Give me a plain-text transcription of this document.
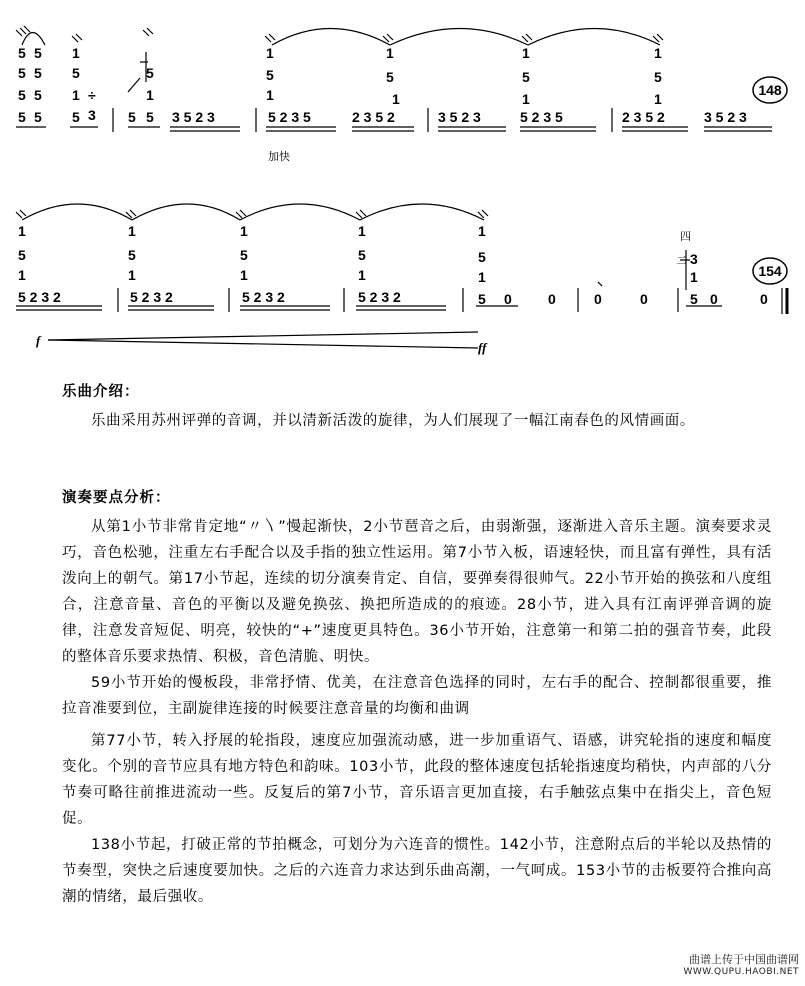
148
154
5
5
5
5
5
5
5
5
1
5
1
5
÷
3
5
1
5
5	3 5 2 3
1
5
1
5 2 3 5	2 3 5 2
1
5
1
3 5 2 3
1
5
1
5 2 3 5	2 3 5 2
1
5
1
3 5 2 3
加快
1
5
1
5 2 3 2
1
5
1
5 2 3 2
1
5
1
5 2 3 2
1
5
1
5 2 3 2
1
5
1
5 0	0	0	0
3
1
5 0	0
四
二
f	ff
乐曲介绍：

乐曲采用苏州评弹的音调，并以清新活泼的旋律，为人们展现了一幅江南春色的风情画面。

演奏要点分析：

从第1小节非常肯定地“〃〵”慢起渐快，2小节琶音之后，由弱渐强，逐渐进入音乐主题。演奏要求灵巧，音色松驰，注重左右手配合以及手指的独立性运用。第7小节入板，语速轻快，而且富有弹性，具有活泼向上的朝气。第17小节起，连续的切分演奏肯定、自信，要弹奏得很帅气。22小节开始的换弦和八度组合，注意音量、音色的平衡以及避免换弦、换把所造成的的痕迹。28小节，进入具有江南评弹音调的旋律，注意发音短促、明亮，较快的“+”速度更具特色。36小节开始，注意第一和第二拍的强音节奏，此段的整体音乐要求热情、积极，音色清脆、明快。

59小节开始的慢板段，非常抒情、优美，在注意音色选择的同时，左右手的配合、控制都很重要，推拉音准要到位，主副旋律连接的时候要注意音量的均衡和曲调

第77小节，转入抒展的轮指段，速度应加强流动感，进一步加重语气、语感，讲究轮指的速度和幅度变化。个别的音节应具有地方特色和韵味。103小节，此段的整体速度包括轮指速度均稍快，内声部的八分节奏可略往前推进流动一些。反复后的第7小节，音乐语言更加直接，右手触弦点集中在指尖上，音色短促。

138小节起，打破正常的节拍概念，可划分为六连音的惯性。142小节，注意附点后的半轮以及热情的节奏型，突快之后速度要加快。之后的六连音力求达到乐曲高潮，一气呵成。153小节的击板要符合推向高潮的情绪，最后强收。

曲谱上传于中国曲谱网
WWW.QUPU.HAOBI.NET
